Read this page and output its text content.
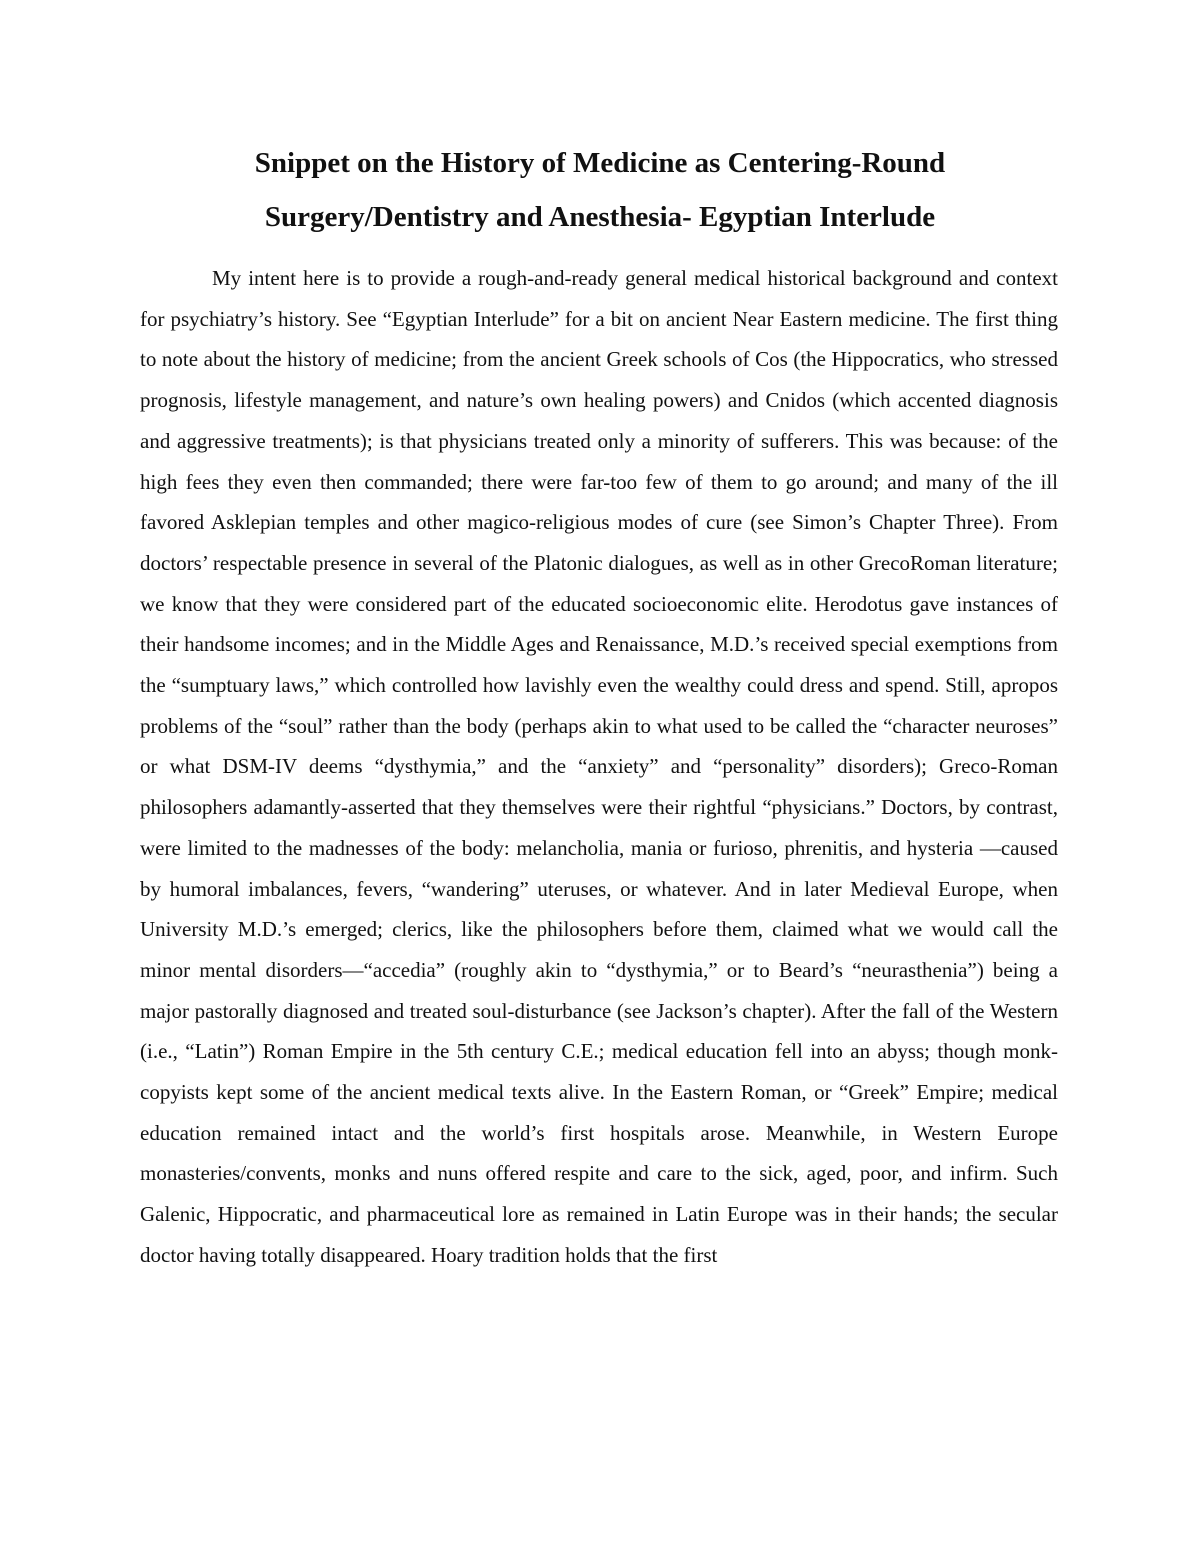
Snippet on the History of Medicine as Centering-Round
Surgery/Dentistry and Anesthesia- Egyptian Interlude

My intent here is to provide a rough-and-ready general medical historical background and context for psychiatry’s history. See “Egyptian Interlude” for a bit on ancient Near Eastern medicine. The first thing to note about the history of medicine; from the ancient Greek schools of Cos (the Hippocratics, who stressed prognosis, lifestyle management, and nature’s own healing powers) and Cnidos (which accented diagnosis and aggressive treatments); is that physicians treated only a minority of sufferers. This was because: of the high fees they even then commanded; there were far-too few of them to go around; and many of the ill favored Asklepian temples and other magico-religious modes of cure (see Simon’s Chapter Three). From doctors’ respectable presence in several of the Platonic dialogues, as well as in other GrecoRoman literature; we know that they were considered part of the educated socioeconomic elite. Herodotus gave instances of their handsome incomes; and in the Middle Ages and Renaissance, M.D.’s received special exemptions from the “sumptuary laws,” which controlled how lavishly even the wealthy could dress and spend. Still, apropos problems of the “soul” rather than the body (perhaps akin to what used to be called the “character neuroses” or what DSM-IV deems “dysthymia,” and the “anxiety” and “personality” disorders); Greco-Roman philosophers adamantly-asserted that they themselves were their rightful “physicians.” Doctors, by contrast, were limited to the madnesses of the body: melancholia, mania or furioso, phrenitis, and hysteria —caused by humoral imbalances, fevers, “wandering” uteruses, or whatever. And in later Medieval Europe, when University M.D.’s emerged; clerics, like the philosophers before them, claimed what we would call the minor mental disorders—“accedia” (roughly akin to “dysthymia,” or to Beard’s “neurasthenia”) being a major pastorally diagnosed and treated soul-disturbance (see Jackson’s chapter). After the fall of the Western (i.e., “Latin”) Roman Empire in the 5th century C.E.; medical education fell into an abyss; though monk-copyists kept some of the ancient medical texts alive. In the Eastern Roman, or “Greek” Empire; medical education remained intact and the world’s first hospitals arose. Meanwhile, in Western Europe monasteries/convents, monks and nuns offered respite and care to the sick, aged, poor, and infirm. Such Galenic, Hippocratic, and pharmaceutical lore as remained in Latin Europe was in their hands; the secular doctor having totally disappeared. Hoary tradition holds that the first
